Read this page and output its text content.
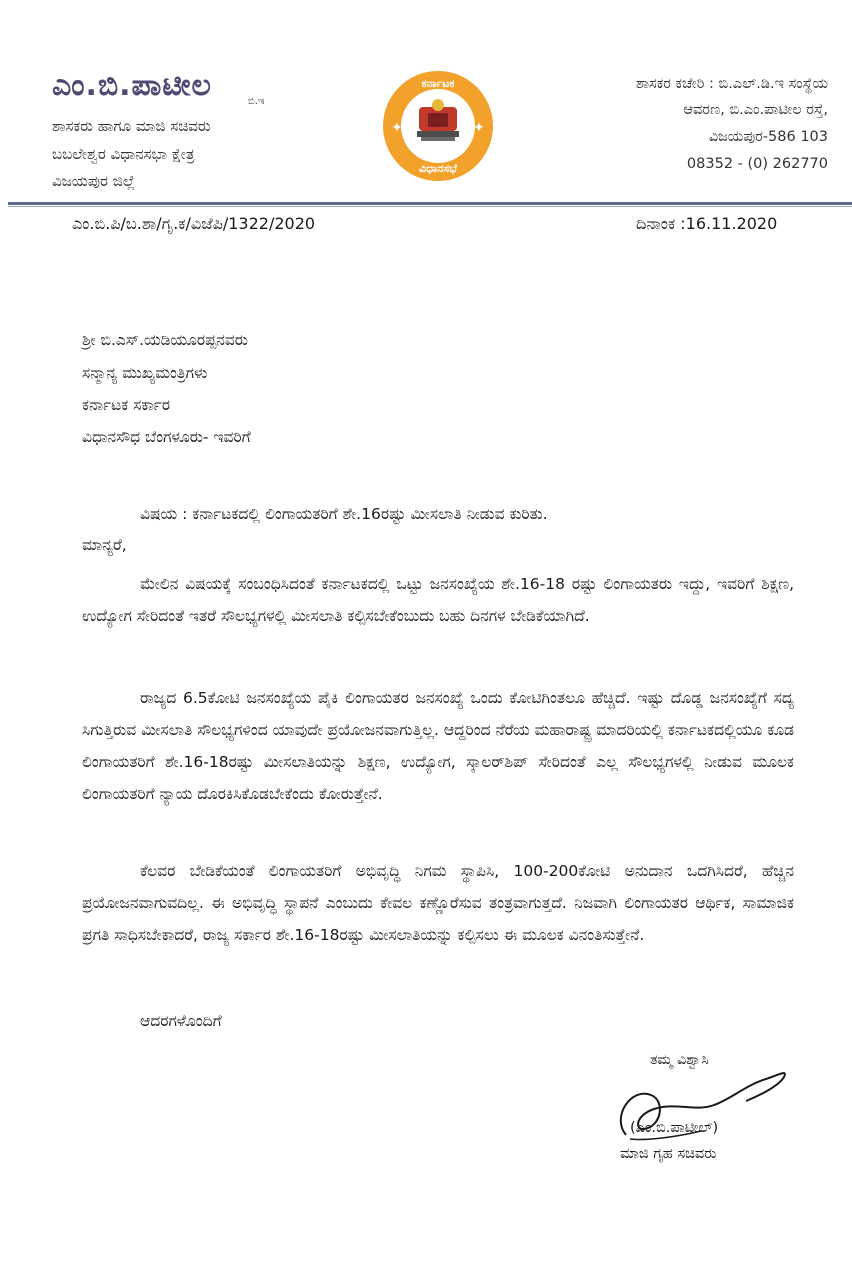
ಎಂ.ಬಿ.ಪಾಟೀಲ	ಬಿ.ಇ
ಶಾಸಕರು ಹಾಗೂ ಮಾಜಿ ಸಚಿವರು
ಬಬಲೇಶ್ವರ ವಿಧಾನಸಭಾ ಕ್ಷೇತ್ರ
ವಿಜಯಪುರ ಜಿಲ್ಲೆ
✦	✦
ಕರ್ನಾಟಕ
ವಿಧಾನಸಭೆ
ಶಾಸಕರ ಕಚೇರಿ : ಬಿ.ಎಲ್.ಡಿ.ಇ ಸಂಸ್ಥೆಯ
ಆವರಣ, ಬಿ.ಎಂ.ಪಾಟೀಲ ರಸ್ತೆ,
ವಿಜಯಪುರ-586 103
08352 - (0) 262770
ಎಂ.ಬಿ.ಪಿ/ಬ.ಶಾ/ಗೃ.ಕ/ವಿಜೆಪಿ/1322/2020	ದಿನಾಂಕ :16.11.2020
ಶ್ರೀ ಬಿ.ಎಸ್.ಯಡಿಯೂರಪ್ಪನವರು
ಸನ್ಮಾನ್ಯ ಮುಖ್ಯಮಂತ್ರಿಗಳು
ಕರ್ನಾಟಕ ಸರ್ಕಾರ
ವಿಧಾನಸೌಧ ಬೆಂಗಳೂರು- ಇವರಿಗೆ
ವಿಷಯ : ಕರ್ನಾಟಕದಲ್ಲಿ ಲಿಂಗಾಯತರಿಗೆ ಶೇ.16ರಷ್ಟು ಮೀಸಲಾತಿ ನೀಡುವ ಕುರಿತು.
ಮಾನ್ಯರೆ,
ಮೇಲಿನ ವಿಷಯಕ್ಕೆ ಸಂಬಂಧಿಸಿದಂತೆ ಕರ್ನಾಟಕದಲ್ಲಿ ಒಟ್ಟು ಜನಸಂಖ್ಯೆಯ ಶೇ.16-18 ರಷ್ಟು ಲಿಂಗಾಯತರು ಇದ್ದು, ಇವರಿಗೆ ಶಿಕ್ಷಣ, ಉದ್ಯೋಗ ಸೇರಿದಂತೆ ಇತರೆ ಸೌಲಭ್ಯಗಳಲ್ಲಿ ಮೀಸಲಾತಿ ಕಲ್ಪಿಸಬೇಕೆಂಬುದು ಬಹು ದಿನಗಳ ಬೇಡಿಕೆಯಾಗಿದೆ.
ರಾಜ್ಯದ 6.5ಕೋಟಿ ಜನಸಂಖ್ಯೆಯ ಪೈಕಿ ಲಿಂಗಾಯತರ ಜನಸಂಖ್ಯೆ ಒಂದು ಕೋಟಿಗಿಂತಲೂ ಹೆಚ್ಚಿದೆ. ಇಷ್ಟು ದೊಡ್ಡ ಜನಸಂಖ್ಯೆಗೆ ಸದ್ಯ ಸಿಗುತ್ತಿರುವ ಮೀಸಲಾತಿ ಸೌಲಭ್ಯಗಳಿಂದ ಯಾವುದೇ ಪ್ರಯೋಜನವಾಗುತ್ತಿಲ್ಲ. ಆದ್ದರಿಂದ ನೆರೆಯ ಮಹಾರಾಷ್ಟ್ರ ಮಾದರಿಯಲ್ಲಿ ಕರ್ನಾಟಕದಲ್ಲಿಯೂ ಕೂಡ ಲಿಂಗಾಯತರಿಗೆ ಶೇ.16-18ರಷ್ಟು ಮೀಸಲಾತಿಯನ್ನು ಶಿಕ್ಷಣ, ಉದ್ಯೋಗ, ಸ್ಕಾಲರ್‌ಶಿಪ್ ಸೇರಿದಂತೆ ಎಲ್ಲ ಸೌಲಭ್ಯಗಳಲ್ಲಿ ನೀಡುವ ಮೂಲಕ ಲಿಂಗಾಯತರಿಗೆ ನ್ಯಾಯ ದೊರಕಿಸಿಕೊಡಬೇಕೆಂದು ಕೋರುತ್ತೇನೆ.
ಕೆಲವರ ಬೇಡಿಕೆಯಂತೆ ಲಿಂಗಾಯತರಿಗೆ ಅಭಿವೃದ್ಧಿ ನಿಗಮ ಸ್ಥಾಪಿಸಿ, 100-200ಕೋಟಿ ಅನುದಾನ ಒದಗಿಸಿದರೆ, ಹೆಚ್ಚಿನ ಪ್ರಯೋಜನವಾಗುವದಿಲ್ಲ. ಈ ಅಭಿವೃದ್ಧಿ ಸ್ಥಾಪನೆ ಎಂಬುದು ಕೇವಲ ಕಣ್ಣೊರೆಸುವ ತಂತ್ರವಾಗುತ್ತದೆ. ನಿಜವಾಗಿ ಲಿಂಗಾಯತರ ಆರ್ಥಿಕ, ಸಾಮಾಜಿಕ ಪ್ರಗತಿ ಸಾಧಿಸಬೇಕಾದರೆ, ರಾಜ್ಯ ಸರ್ಕಾರ ಶೇ.16-18ರಷ್ಟು ಮೀಸಲಾತಿಯನ್ನು ಕಲ್ಪಿಸಲು ಈ ಮೂಲಕ ವಿನಂತಿಸುತ್ತೇನೆ.
ಆದರಗಳೊಂದಿಗೆ
ತಮ್ಮ ವಿಶ್ವಾಸಿ
(ಎಂ.ಬಿ.ಪಾಟೀಲ್)
ಮಾಜಿ ಗೃಹ ಸಚಿವರು
